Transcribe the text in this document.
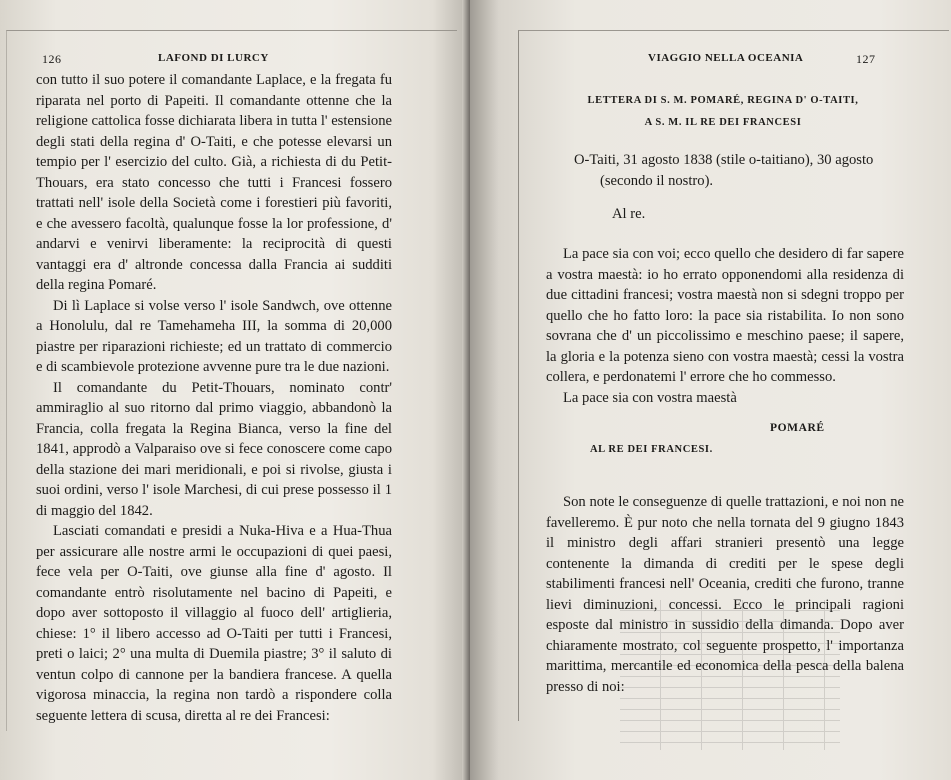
126	LAFOND DI LURCY

con tutto il suo potere il comandante Laplace, e la fregata fu riparata nel porto di Papeiti. Il comandante ottenne che la religione cattolica fosse dichiarata libera in tutta l' estensione degli stati della regina d' O-Taiti, e che potesse elevarsi un tempio per l' esercizio del culto. Già, a richiesta di du Petit-Thouars, era stato concesso che tutti i Francesi fossero trattati nell' isole della Società come i forestieri più favoriti, e che avessero facoltà, qualunque fosse la lor professione, d' andarvi e venirvi liberamente: la reciprocità di questi vantaggi era d' altronde concessa dalla Francia ai sudditi della regina Pomaré.

Di lì Laplace si volse verso l' isole Sandwch, ove ottenne a Honolulu, dal re Tamehameha III, la somma di 20,000 piastre per riparazioni richieste; ed un trattato di commercio e di scambievole protezione avvenne pure tra le due nazioni.

Il comandante du Petit-Thouars, nominato contr' ammiraglio al suo ritorno dal primo viaggio, abbandonò la Francia, colla fregata la Regina Bianca, verso la fine del 1841, approdò a Valparaiso ove si fece conoscere come capo della stazione dei mari meridionali, e poi si rivolse, giusta i suoi ordini, verso l' isole Marchesi, di cui prese possesso il 1 di maggio del 1842.

Lasciati comandati e presidi a Nuka-Hiva e a Hua-Thua per assicurare alle nostre armi le occupazioni di quei paesi, fece vela per O-Taiti, ove giunse alla fine d' agosto. Il comandante entrò risolutamente nel bacino di Papeiti, e dopo aver sottoposto il villaggio al fuoco dell' artiglieria, chiese: 1° il libero accesso ad O-Taiti per tutti i Francesi, preti o laici; 2° una multa di Duemila piastre; 3° il saluto di ventun colpo di cannone per la bandiera francese. A quella vigorosa minaccia, la regina non tardò a rispondere colla seguente lettera di scusa, diretta al re dei Francesi:

VIAGGIO NELLA OCEANIA	127
LETTERA DI S. M. POMARÉ, REGINA D' O-TAITI,
A S. M. IL RE DEI FRANCESI

O-Taiti, 31 agosto 1838 (stile o-taitiano), 30 agosto

(secondo il nostro).

Al re.

La pace sia con voi; ecco quello che desidero di far sapere a vostra maestà: io ho errato opponendomi alla residenza di due cittadini francesi; vostra maestà non si sdegni troppo per quello che ho fatto loro: la pace sia ristabilita. Io non sono sovrana che d' un piccolissimo e meschino paese; il sapere, la gloria e la potenza sieno con vostra maestà; cessi la vostra collera, e perdonatemi l' errore che ho commesso.

La pace sia con vostra maestà

POMARÉ
AL RE DEI FRANCESI.

Son note le conseguenze di quelle trattazioni, e noi non ne favelleremo. È pur noto che nella tornata del 9 giugno 1843 il ministro degli affari stranieri presentò una legge contenente la dimanda di crediti per le spese degli stabilimenti francesi nell' Oceania, crediti che furono, tranne lievi diminuzioni, concessi. Ecco le principali ragioni esposte dal ministro in sussidio della dimanda. Dopo aver chiaramente mostrato, col seguente prospetto, l' importanza marittima, mercantile ed economica della pesca della balena presso di noi:
